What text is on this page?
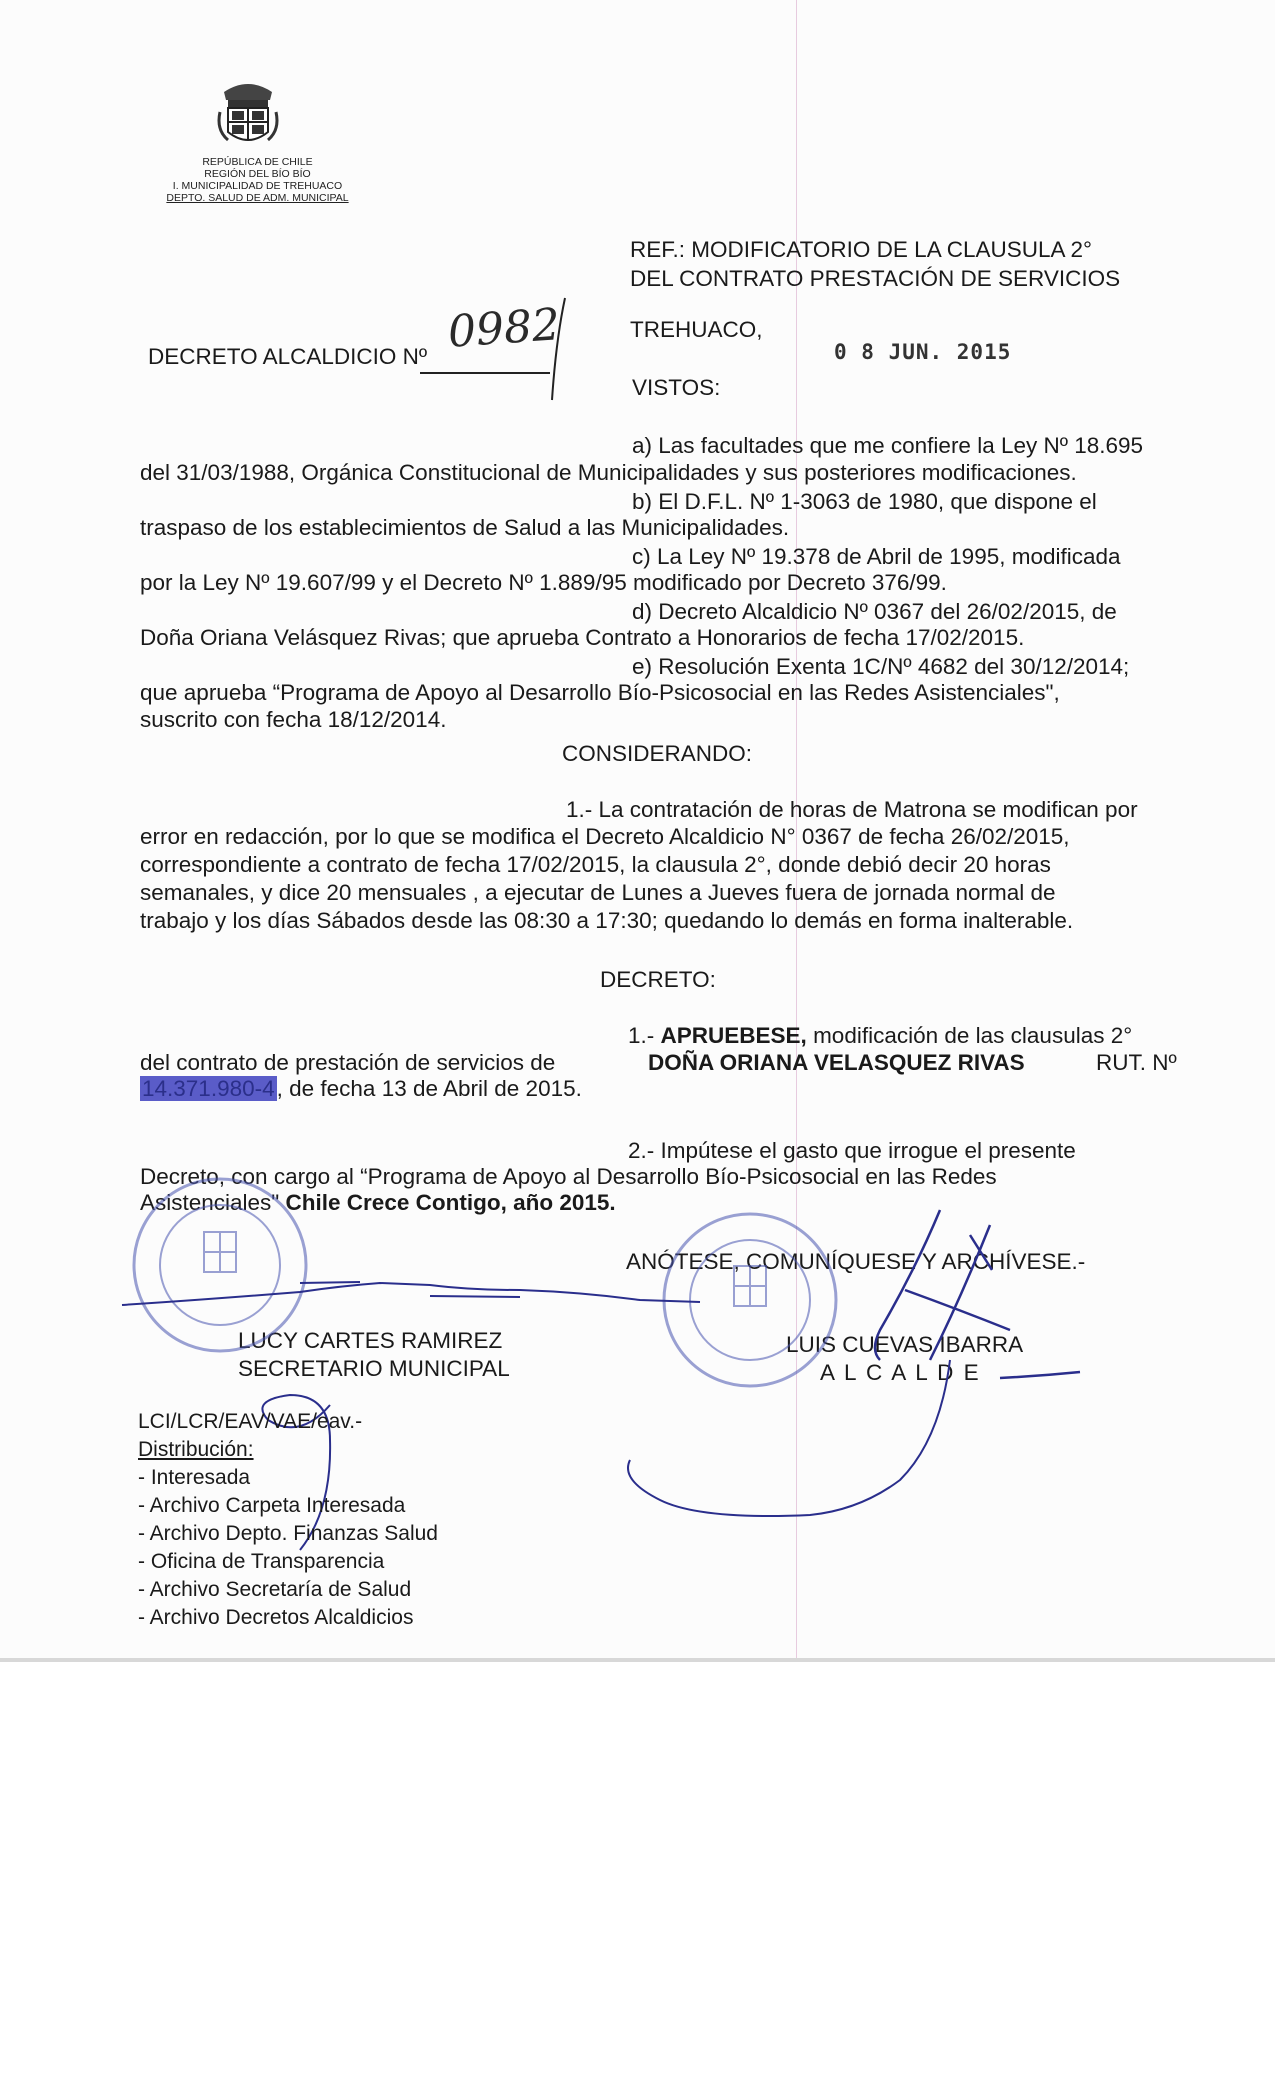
REPÚBLICA DE CHILE
REGIÓN DEL BÍO BÍO
I. MUNICIPALIDAD DE TREHUACO
DEPTO. SALUD DE ADM. MUNICIPAL
REF.: MODIFICATORIO DE LA CLAUSULA 2°
DEL CONTRATO PRESTACIÓN DE SERVICIOS
DECRETO ALCALDICIO Nº 0982	TREHUACO,
0 8 JUN. 2015
VISTOS:
a) Las facultades que me confiere la Ley Nº 18.695
del 31/03/1988, Orgánica Constitucional de Municipalidades y sus posteriores modificaciones.
b) El D.F.L. Nº 1-3063 de 1980, que dispone el
traspaso de los establecimientos de Salud a las Municipalidades.
c) La Ley Nº 19.378 de Abril de 1995, modificada
por la Ley Nº 19.607/99 y el Decreto Nº 1.889/95 modificado por Decreto 376/99.
d) Decreto Alcaldicio Nº 0367 del 26/02/2015, de
Doña Oriana Velásquez Rivas; que aprueba Contrato a Honorarios de fecha 17/02/2015.
e) Resolución Exenta 1C/Nº 4682 del 30/12/2014;
que aprueba “Programa de Apoyo al Desarrollo Bío-Psicosocial en las Redes Asistenciales",
suscrito con fecha 18/12/2014.
CONSIDERANDO:
1.- La contratación de horas de Matrona se modifican por
error en redacción, por lo que se modifica el Decreto Alcaldicio N° 0367 de fecha 26/02/2015,
correspondiente a contrato de fecha 17/02/2015, la clausula 2°, donde debió decir 20 horas
semanales, y dice 20 mensuales , a ejecutar de Lunes a Jueves fuera de jornada normal de
trabajo y los días Sábados desde las 08:30 a 17:30; quedando lo demás en forma inalterable.
DECRETO:
1.- APRUEBESE, modificación de las clausulas 2°
del contrato de prestación de servicios de	DOÑA ORIANA VELASQUEZ RIVAS	RUT. Nº
14.371.980-4, de fecha 13 de Abril de 2015.
2.- Impútese el gasto que irrogue el presente
Decreto, con cargo al “Programa de Apoyo al Desarrollo Bío-Psicosocial en las Redes
Asistenciales" Chile Crece Contigo, año 2015.
ANÓTESE, COMUNÍQUESE Y ARCHÍVESE.-
LUCY CARTES RAMIREZ
SECRETARIO MUNICIPAL
LUIS CUEVAS IBARRA
A L C A L D E
LCI/LCR/EAV/VAE/eav.-
Distribución:
- Interesada
- Archivo Carpeta Interesada
- Archivo Depto. Finanzas Salud
- Oficina de Transparencia
- Archivo Secretaría de Salud
- Archivo Decretos Alcaldicios
